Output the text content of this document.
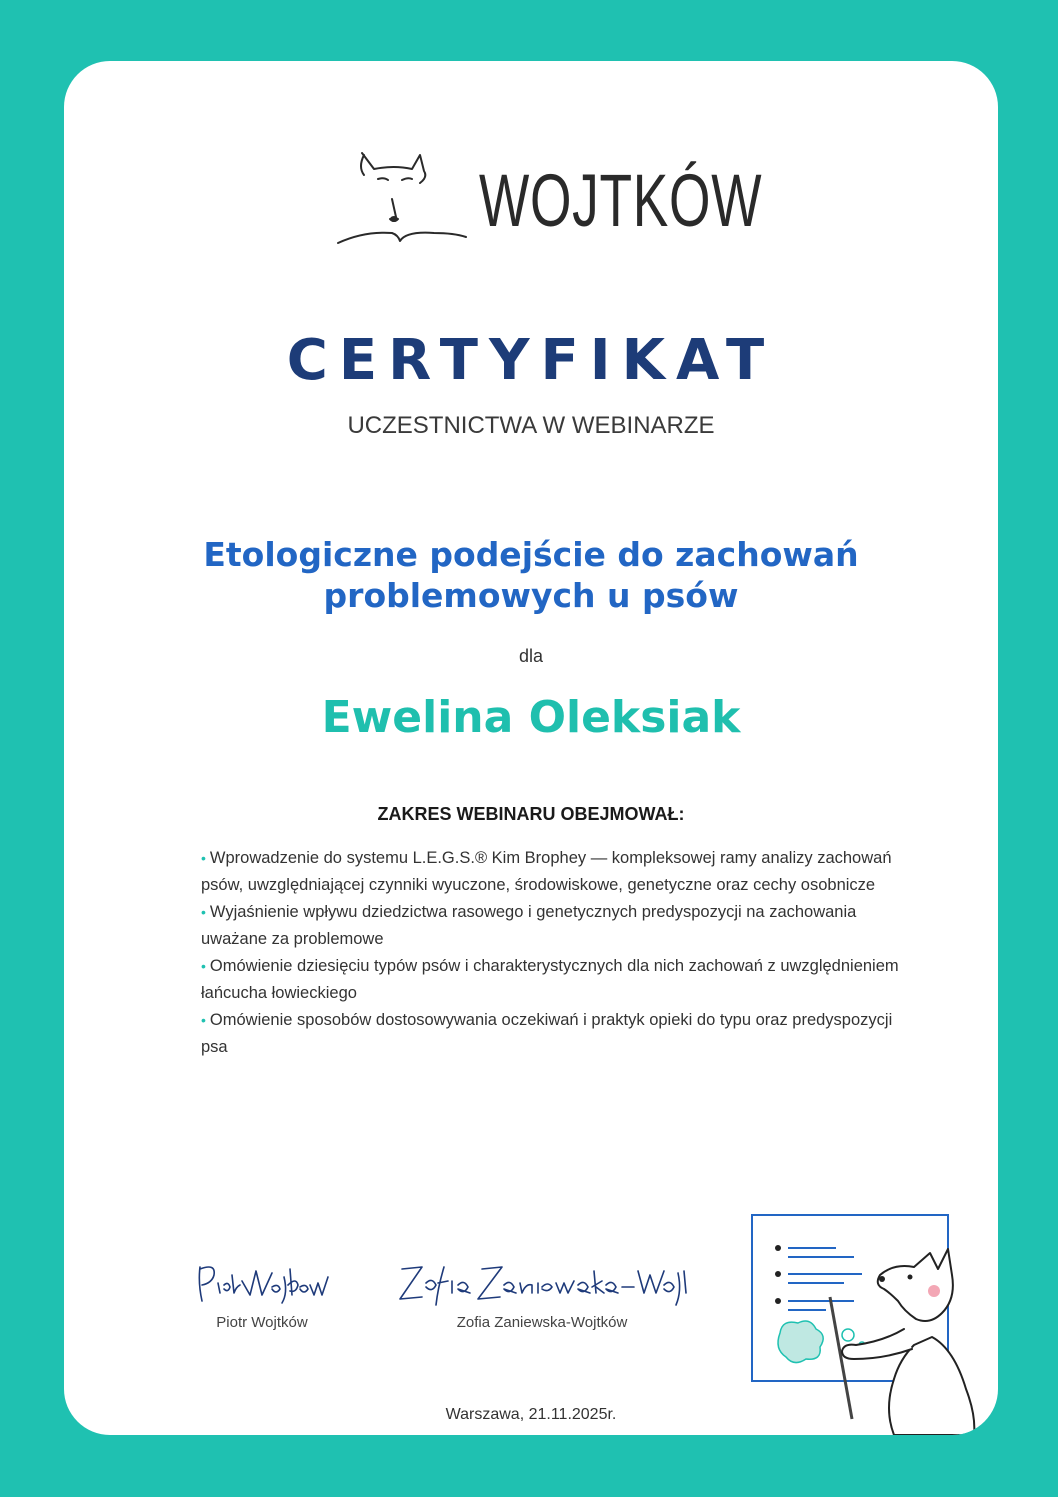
WOJTKÓW
CERTYFIKAT
UCZESTNICTWA W WEBINARZE
Etologiczne podejście do zachowań
problemowych u psów
dla
Ewelina Oleksiak
ZAKRES WEBINARU OBEJMOWAŁ:
• Wprowadzenie do systemu L.E.G.S.® Kim Brophey — kompleksowej ramy analizy zachowań psów, uwzględniającej czynniki wyuczone, środowiskowe, genetyczne oraz cechy osobnicze
• Wyjaśnienie wpływu dziedzictwa rasowego i genetycznych predyspozycji na zachowania uważane za problemowe
• Omówienie dziesięciu typów psów i charakterystycznych dla nich zachowań z uwzględnieniem łańcucha łowieckiego
• Omówienie sposobów dostosowywania oczekiwań i praktyk opieki do typu oraz predyspozycji psa
Piotr Wojtków	Zofia Zaniewska-Wojtków
Warszawa, 21.11.2025r.
